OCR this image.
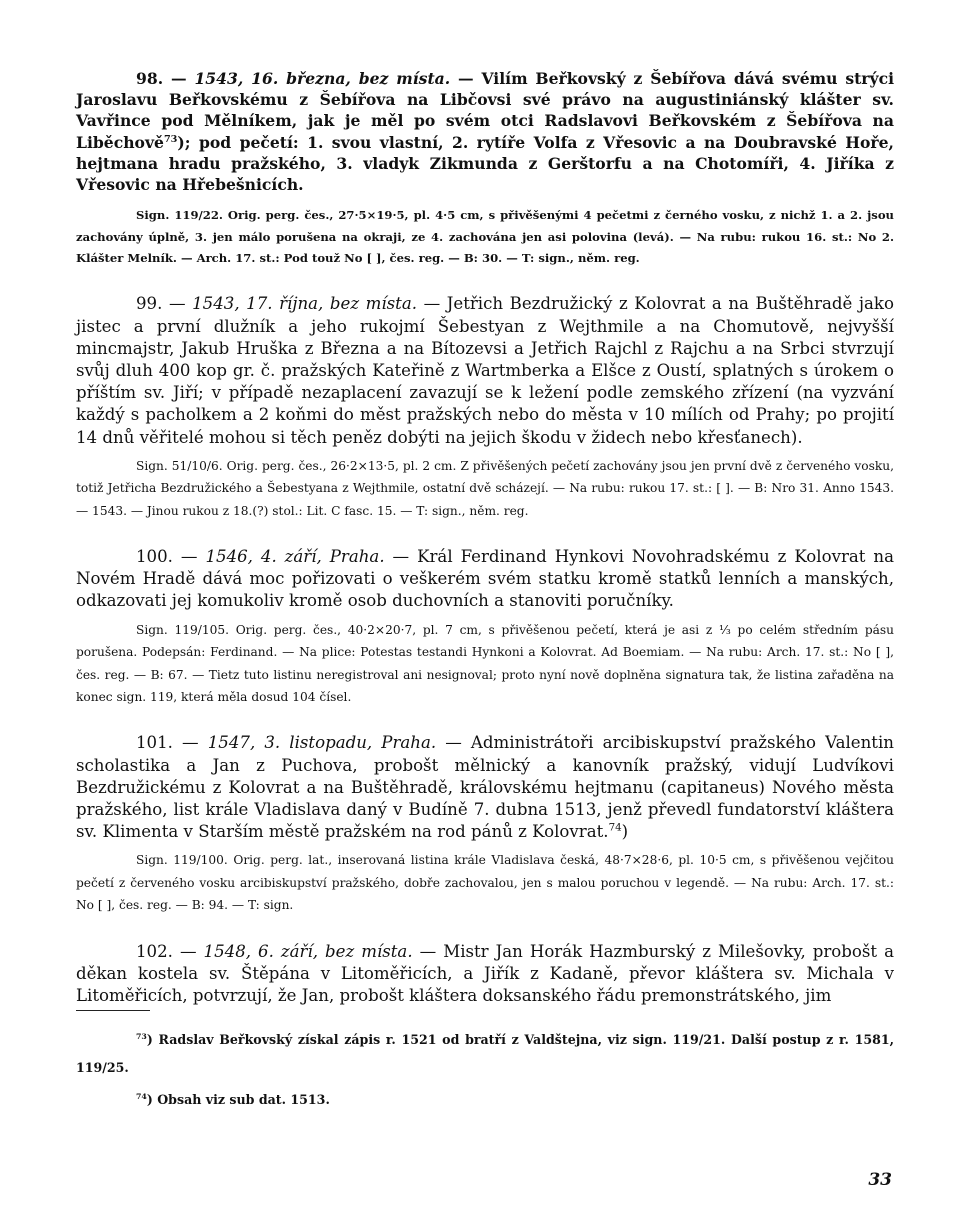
98. — 1543, 16. března, bez místa. — Vilím Beřkovský z Šebířova dává svému strýci Jaroslavu Beřkovskému z Šebířova na Libčovsi své právo na augustiniánský klášter sv. Vavřince pod Mělníkem, jak je měl po svém otci Radslavovi Beřkovském z Šebířova na Liběchově$^{73}$); pod pečetí: 1. svou vlastní, 2. rytíře Volfa z Vřesovic a na Doubravské Hoře, hejtmana hradu pražského, 3. vladyk Zikmunda z Gerštorfu a na Chotomíři, 4. Jiříka z Vřesovic na Hřebešnicích.

Sign. 119/22. Orig. perg. čes., 27·5×19·5, pl. 4·5 cm, s přivěšenými 4 pečetmi z černého vosku, z nichž 1. a 2. jsou zachovány úplně, 3. jen málo porušena na okraji, ze 4. zachována jen asi polovina (levá). — Na rubu: rukou 16. st.: No 2. Klášter Melník. — Arch. 17. st.: Pod touž No [ ], čes. reg. — B: 30. — T: sign., něm. reg.

99. — 1543, 17. října, bez místa. — Jetřich Bezdružický z Kolovrat a na Buštěhradě jako jistec a první dlužník a jeho rukojmí Šebestyan z Wejthmile a na Chomutově, nejvyšší mincmajstr, Jakub Hruška z Března a na Bítozevsi a Jetřich Rajchl z Rajchu a na Srbci stvrzují svůj dluh 400 kop gr. č. pražských Kateřině z Wartmberka a Elšce z Oustí, splatných s úrokem o příštím sv. Jiří; v případě nezaplacení zavazují se k ležení podle zemského zřízení (na vyzvání každý s pacholkem a 2 koňmi do měst pražských nebo do města v 10 mílích od Prahy; po projití 14 dnů věřitelé mohou si těch peněz dobýti na jejich škodu v židech nebo křesťanech).

Sign. 51/10/6. Orig. perg. čes., 26·2×13·5, pl. 2 cm. Z přivěšených pečetí zachovány jsou jen první dvě z červeného vosku, totiž Jetřicha Bezdružického a Šebestyana z Wejthmile, ostatní dvě scházejí. — Na rubu: rukou 17. st.: [ ]. — B: Nro 31. Anno 1543. — 1543. — Jinou rukou z 18.(?) stol.: Lit. C fasc. 15. — T: sign., něm. reg.

100. — 1546, 4. září, Praha. — Král Ferdinand Hynkovi Novohradskému z Kolovrat na Novém Hradě dává moc pořizovati o veškerém svém statku kromě statků lenních a manských, odkazovati jej komukoliv kromě osob duchovních a stanoviti poručníky.

Sign. 119/105. Orig. perg. čes., 40·2×20·7, pl. 7 cm, s přivěšenou pečetí, která je asi z ⅓ po celém středním pásu porušena. Podepsán: Ferdinand. — Na plice: Potestas testandi Hynkoni a Kolovrat. Ad Boemiam. — Na rubu: Arch. 17. st.: No [ ], čes. reg. — B: 67. — Tietz tuto listinu neregistroval ani nesignoval; proto nyní nově doplněna signatura tak, že listina zařaděna na konec sign. 119, která měla dosud 104 čísel.

101. — 1547, 3. listopadu, Praha. — Administrátoři arcibiskupství pražského Valentin scholastika a Jan z Puchova, probošt mělnický a kanovník pražský, vidují Ludvíkovi Bezdružickému z Kolovrat a na Buštěhradě, královskému hejtmanu (capitaneus) Nového města pražského, list krále Vladislava daný v Budíně 7. dubna 1513, jenž převedl fundatorství kláštera sv. Klimenta v Starším městě pražském na rod pánů z Kolovrat.$^{74}$)

Sign. 119/100. Orig. perg. lat., inserovaná listina krále Vladislava česká, 48·7×28·6, pl. 10·5 cm, s přivěšenou vejčitou pečetí z červeného vosku arcibiskupství pražského, dobře zachovalou, jen s malou poruchou v legendě. — Na rubu: Arch. 17. st.: No [ ], čes. reg. — B: 94. — T: sign.

102. — 1548, 6. září, bez místa. — Mistr Jan Horák Hazmburský z Milešovky, probošt a děkan kostela sv. Štěpána v Litoměřicích, a Jiřík z Kadaně, převor kláštera sv. Michala v Litoměřicích, potvrzují, že Jan, probošt kláštera doksanského řádu premonstrátského, jim

$^{73}$) Radslav Beřkovský získal zápis r. 1521 od bratří z Valdštejna, viz sign. 119/21. Další postup z r. 1581, 119/25.

$^{74}$) Obsah viz sub dat. 1513.

33
